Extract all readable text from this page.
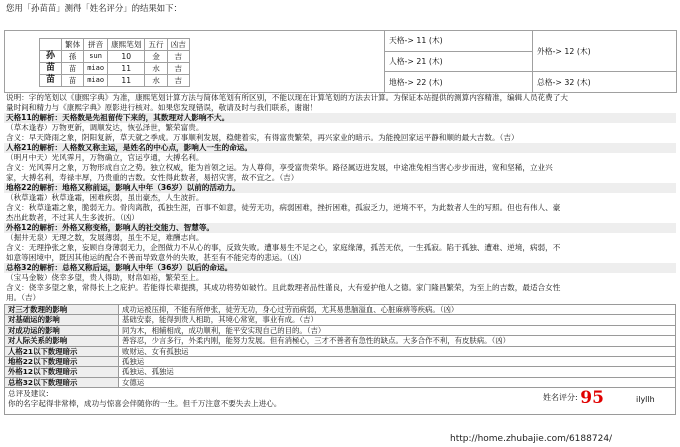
您用「孙苗苗」测得「姓名评分」的结果如下：
	繁体	拼音	康熙笔划	五行	凶吉
孙	孫	sun	10	金	吉
苗	苗	miao	11	水	吉
苗	苗	miao	11	水	吉
	天格-> 11 (木)	外格-> 12 (木)
人格-> 21 (木)
地格-> 22 (木)	总格-> 32 (木)
说明：字的笔划以《康熙字典》为准，康熙笔划计算方法与简体笔划有所区别，不能以现在计算笔划的方法去计算。为保证本站提供的测算内容精准，编辑人员花费了大
量时间和精力与《康熙字典》原影进行核对。如果您发现错误，敬请及时与我们联系，谢谢！
天格11的解析：天格数是先祖留传下来的，其数理对人影响不大。
（草木逢春）万物更新，调顺发达，恢弘泽世，繁荣富贵。
含义：早天降雨之象，阴阳复新，草天就之季成。万事顺利发展，稳健着实，有得富贵繁荣，再兴家业的暗示。为能挽回家运平静和顺的最大吉数。（吉）
人格21的解析：人格数又称主运，是姓名的中心点，影响人一生的命运。
（明月中天）光风霁月，万物确立，官运亨通，大搏名利。
含义：光风霁月之象，万物形成自立之势。独立权威，能为首领之运。为人尊仰，享受富贵荣华。路径属迈进发展，中途准兔相当害心步步而进，宽和坚稀，立业兴
家，大搏名利，寿禄丰厚，乃贵重的吉数。女性得此数者，易招灾害，故不宜之。（吉）
地格22的解析：地格又称前运，影响人中年（36岁）以前的活动力。
（秋草逢霜）秋草逢霜，困难疾弱，虽出豪杰，人生波折。
含义：秋草逢霜之象，脆弱无力。骨肉离散，孤独生涯，百事不如意，徒劳无功，病弱困难，挫折困难，孤寂乏力，逆境不平，为此数者人生的写照。但也有伟人、豪
杰出此数者，不过其人生多波折。（凶）
外格12的解析：外格又称变格，影响人的社交能力、智慧等。
（掘井无泉）无理之数，发展薄弱，虽生不足，难酬志向。
含义：无理挣张之象，妄顾自身薄弱无力，企图做力不从心的事，反致失败。遭事易生不足之心，家庭缘薄，孤苦无依，一生孤寂。陷于孤独、遭难、逆境，病弱，不
如意等困境中，既因其他运的配合不善而导致意外的失败，甚至有不能完寿的悲运。（凶）
总格32的解析：总格又称后运，影响人中年（36岁）以后的命运。
（宝马金鞍）侥幸多望，贵人得助，财帛如裕，繁荣至上。
含义：侥幸多望之象，常得长上之庇护。若能得长辈提携，其成功将势如破竹。且此数理者品性谨良，大有爱护他人之德。家门隆昌繁荣，为至上的吉数，最适合女性
用。（吉）
对三才数理的影响	成功运被压抑，不能有所伸张，徒劳无功，身心过劳而病弱，尤其易患脑溢血、心脏麻痹等疾病。（凶）
对基础运的影响	基础安泰，能得到贵人相助，其境心常宽，事业有成。（吉）
对成功运的影响	同为木，相辅相成，成功顺利，能平安实现自己的目的。（吉）
对人际关系的影响	善容忍，少言多行，外柔内刚，能努力发展。但有消極心，三才不善者有急性的缺点。大多合作不利，有皮肤病。（凶）
人格21以下数理暗示	败财运、女有孤独运
地格22以下数理暗示	孤独运
外格12以下数理暗示	孤独运、孤独运
总格32以下数理暗示	女德运
总评及建议:
你的名字起得非常棒，成功与惊喜会伴随你的一生。但千万注意不要失去上进心。
姓名评分: 95	ilyllh
http://home.zhubajie.com/6188724/
